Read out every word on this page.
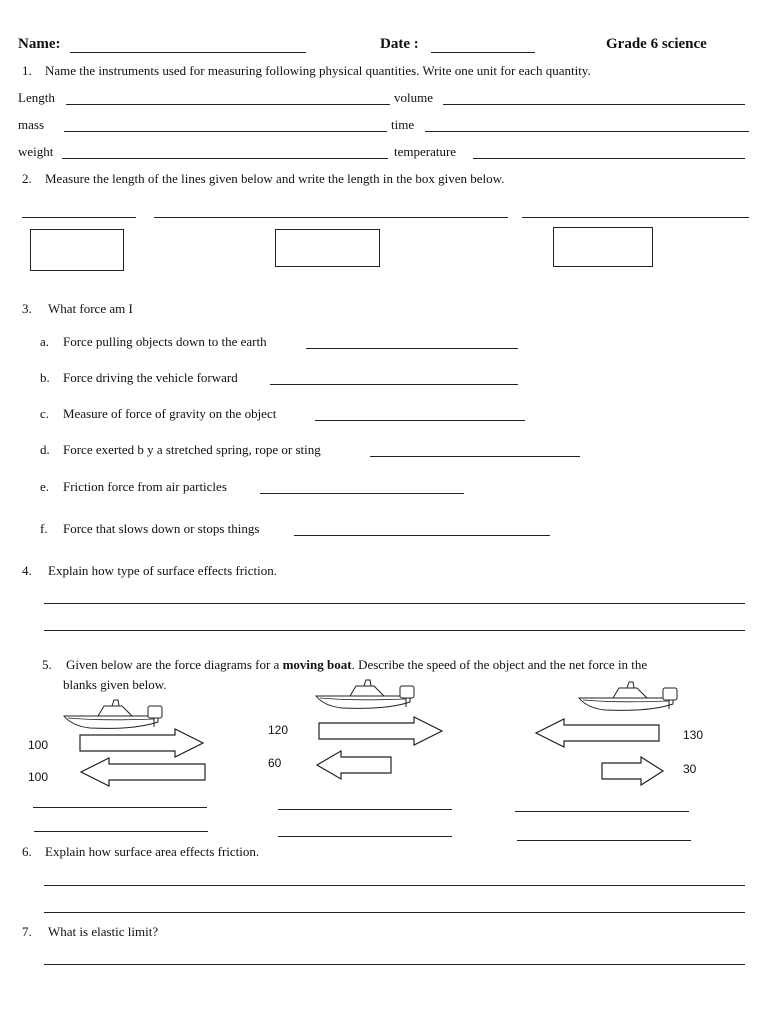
Name:	Date :	Grade 6 science
1. Name the instruments used for measuring following physical quantities. Write one unit for each quantity.
Length	volume
mass	time
weight	temperature
2. Measure the length of the lines given below and write the length in the box given below.
3. What force am I
a. Force pulling objects down to the earth
b. Force driving the vehicle forward
c. Measure of force of gravity on the object
d. Force exerted b y a stretched spring, rope or sting
e. Friction force from air particles
f. Force that slows down or stops things
4. Explain how type of surface effects friction.
5. Given below are the force diagrams for a moving boat. Describe the speed of the object and the net force in the
blanks given below.
100
100
120
60
130
30
6. Explain how surface area effects friction.
7. What is elastic limit?
